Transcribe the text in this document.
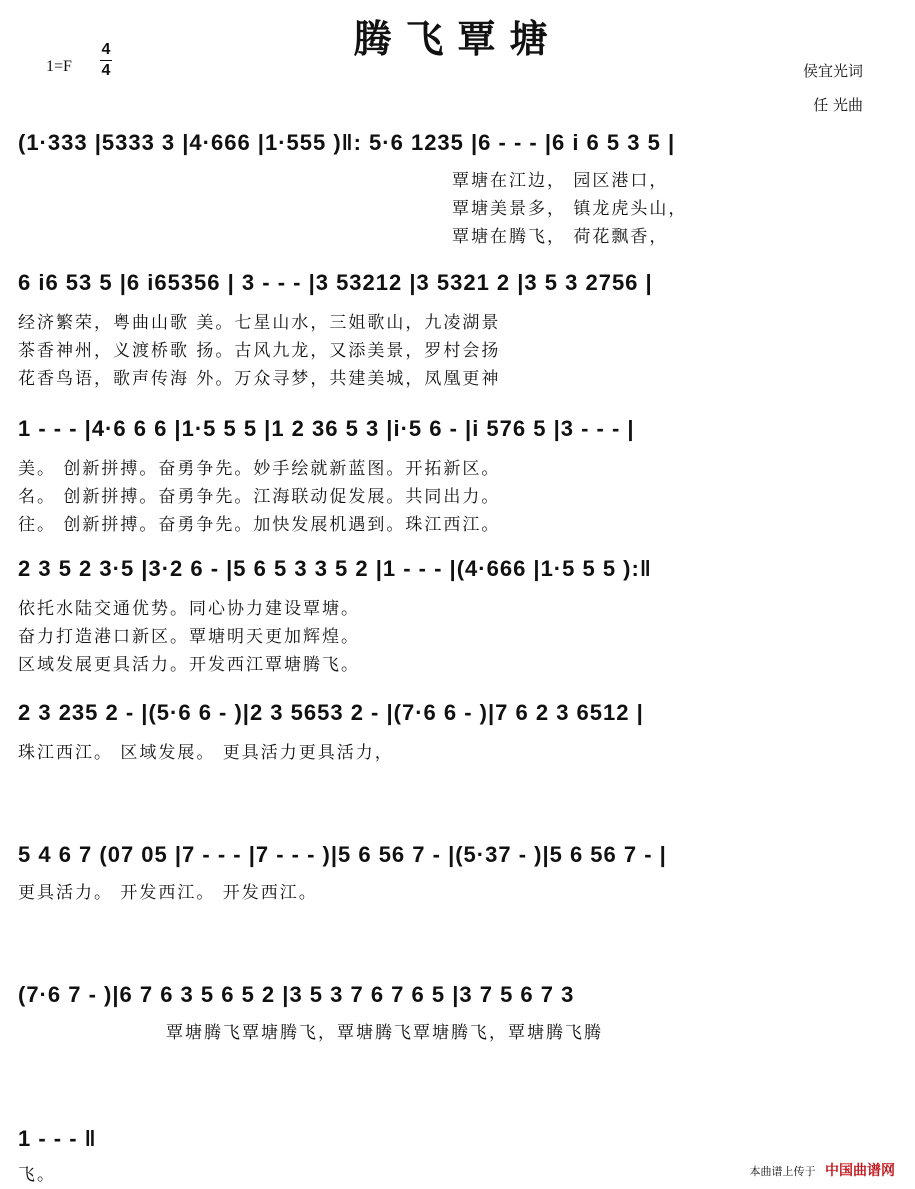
腾飞覃塘
1=F
4
4	侯宜光词
任 光曲
(1·333 |5333 3 |4·666 |1·555 )‖: 5·6 1235 |6 - - - |6 i 6 5 3 5 |
覃塘在江边， 园区港口，
覃塘美景多， 镇龙虎头山，
覃塘在腾飞， 荷花飘香，
6 i6 53 5 |6 i65356 | 3 - - - |3 53212 |3 5321 2 |3 5 3 2756 |
经济繁荣，粤曲山歌 美。七星山水，三姐歌山，九凌湖景
茶香神州，义渡桥歌 扬。古风九龙，又添美景，罗村会扬
花香鸟语，歌声传海 外。万众寻梦，共建美城，凤凰更神
1 - - - |4·6 6 6 |1·5 5 5 |1 2 36 5 3 |i·5 6 - |i 576 5 |3 - - - |
美。 创新拼搏。奋勇争先。妙手绘就新蓝图。开拓新区。
名。 创新拼搏。奋勇争先。江海联动促发展。共同出力。
往。 创新拼搏。奋勇争先。加快发展机遇到。珠江西江。
2 3 5 2 3·5 |3·2 6 - |5 6 5 3 3 5 2 |1 - - - |(4·666 |1·5 5 5 ):‖
依托水陆交通优势。同心协力建设覃塘。
奋力打造港口新区。覃塘明天更加辉煌。
区域发展更具活力。开发西江覃塘腾飞。
2 3 235 2 - |(5·6 6 - )|2 3 5653 2 - |(7·6 6 - )|7 6 2 3 6512 |
珠江西江。 区域发展。 更具活力更具活力，
5 4 6 7 (07 05 |7 - - - |7 - - - )|5 6 56 7 - |(5·37 - )|5 6 56 7 - |
更具活力。 开发西江。 开发西江。
(7·6 7 - )|6 7 6 3 5 6 5 2 |3 5 3 7 6 7 6 5 |3 7 5 6 7 3
覃塘腾飞覃塘腾飞，覃塘腾飞覃塘腾飞，覃塘腾飞腾
1 - - - ‖
飞。	本曲谱上传于 中国曲谱网
